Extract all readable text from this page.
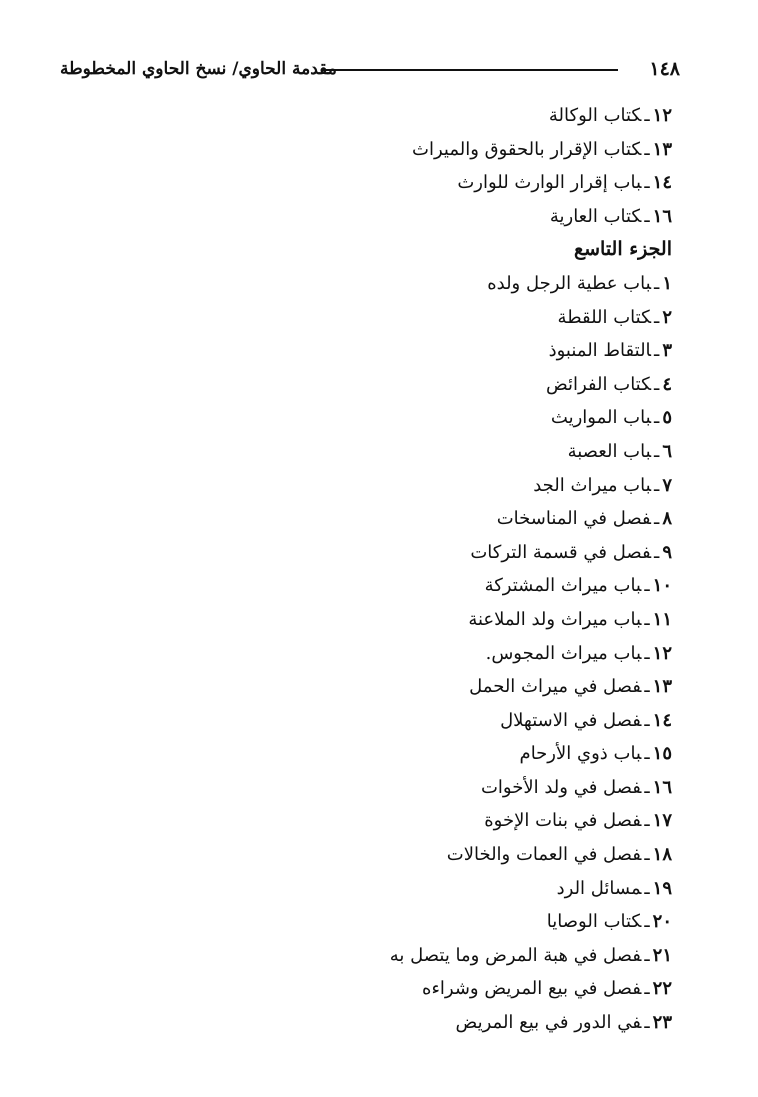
مقدمة الحاوي/ نسخ الحاوي المخطوطة	١٤٨
١٢ـكتاب الوكالة
١٣ـكتاب الإقرار بالحقوق والميراث
١٤ـباب إقرار الوارث للوارث
١٦ـكتاب العارية
الجزء التاسع
١ـباب عطية الرجل ولده
٢ـكتاب اللقطة
٣ـالتقاط المنبوذ
٤ـكتاب الفرائض
٥ـباب المواريث
٦ـباب العصبة
٧ـباب ميراث الجد
٨ـفصل في المناسخات
٩ـفصل في قسمة التركات
١٠ـباب ميراث المشتركة
١١ـباب ميراث ولد الملاعنة
١٢ـباب ميراث المجوس.
١٣ـفصل في ميراث الحمل
١٤ـفصل في الاستهلال
١٥ـباب ذوي الأرحام
١٦ـفصل في ولد الأخوات
١٧ـفصل في بنات الإخوة
١٨ـفصل في العمات والخالات
١٩ـمسائل الرد
٢٠ـكتاب الوصايا
٢١ـفصل في هبة المرض وما يتصل به
٢٢ـفصل في بيع المريض وشراءه
٢٣ـفي الدور في بيع المريض
